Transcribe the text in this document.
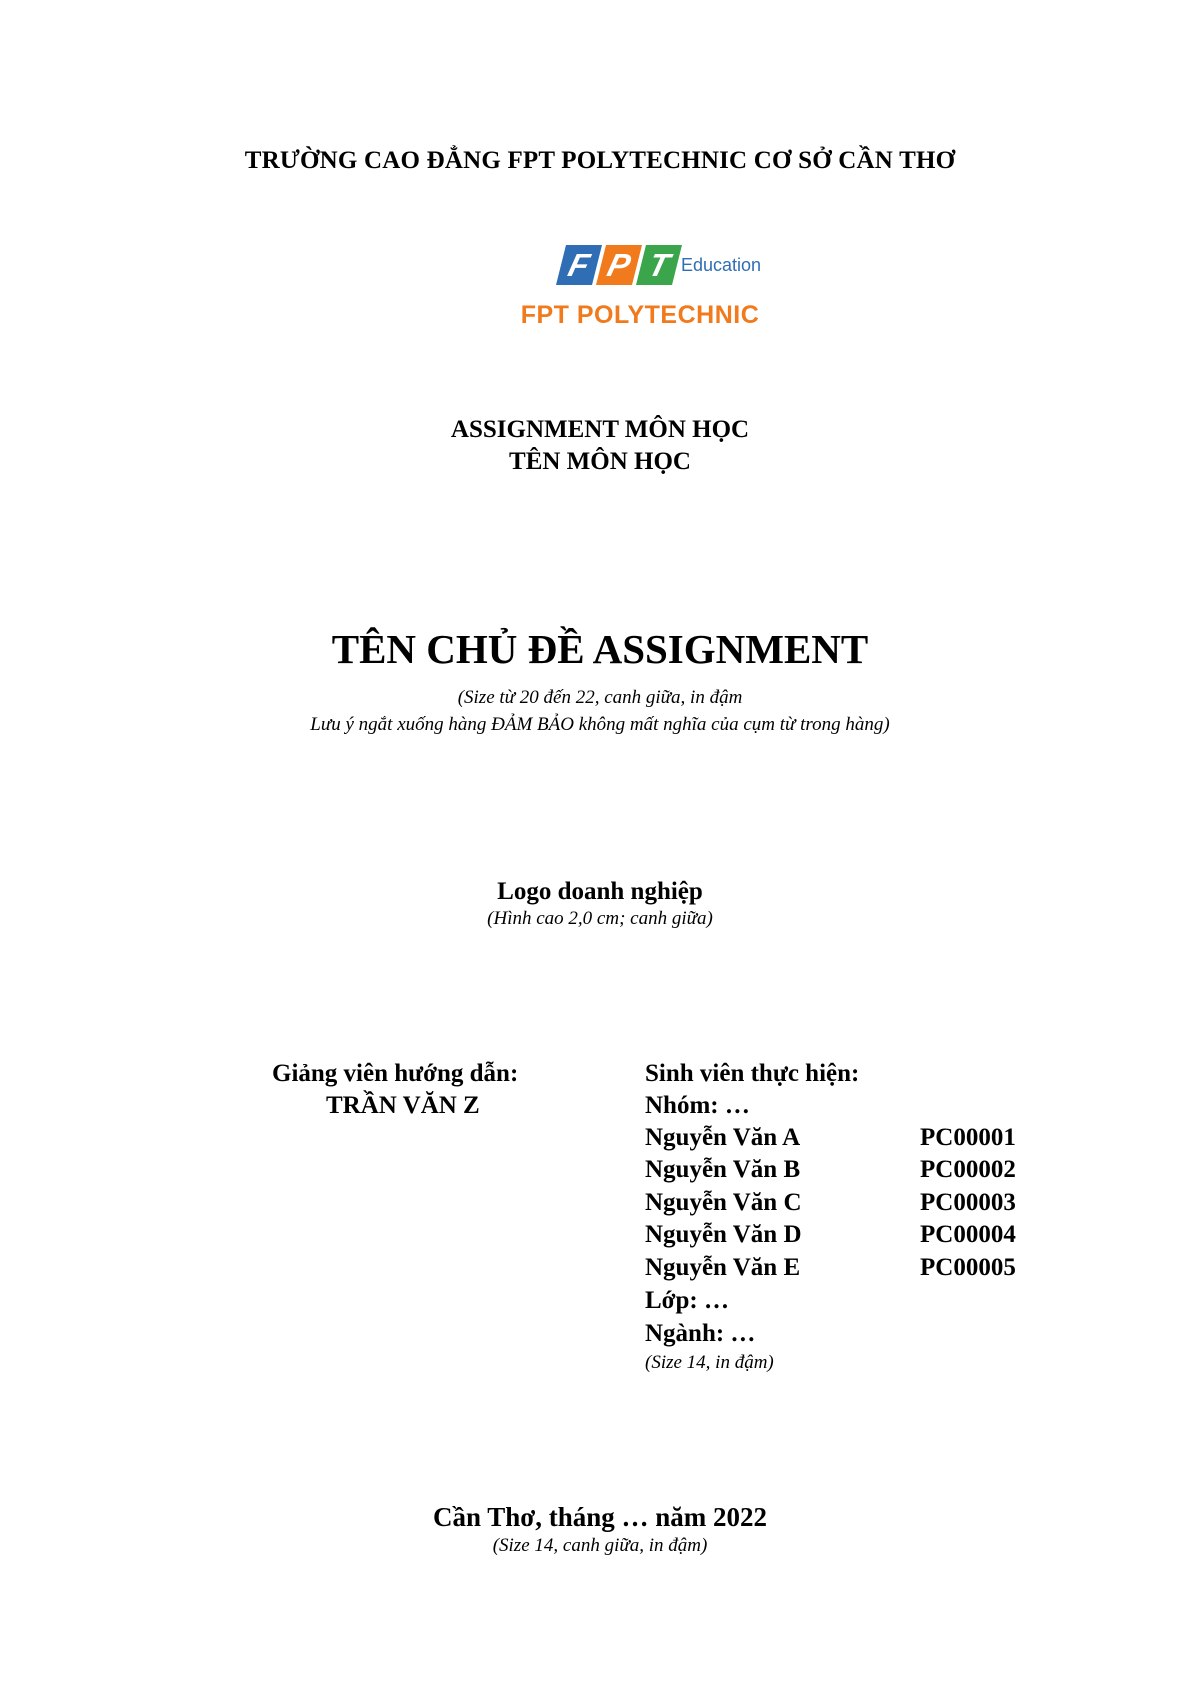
TRƯỜNG CAO ĐẲNG FPT POLYTECHNIC CƠ SỞ CẦN THƠ
F P T Education
FPT POLYTECHNIC
ASSIGNMENT MÔN HỌC
TÊN MÔN HỌC
TÊN CHỦ ĐỀ ASSIGNMENT
(Size từ 20 đến 22, canh giữa, in đậm
Lưu ý ngắt xuống hàng ĐẢM BẢO không mất nghĩa của cụm từ trong hàng)
Logo doanh nghiệp
(Hình cao 2,0 cm; canh giữa)
Giảng viên hướng dẫn:
TRẦN VĂN Z
Sinh viên thực hiện:
Nhóm: …
Nguyễn Văn A	PC00001
Nguyễn Văn B	PC00002
Nguyễn Văn C	PC00003
Nguyễn Văn D	PC00004
Nguyễn Văn E	PC00005
Lớp: …
Ngành: …
(Size 14, in đậm)
Cần Thơ, tháng … năm 2022
(Size 14, canh giữa, in đậm)
